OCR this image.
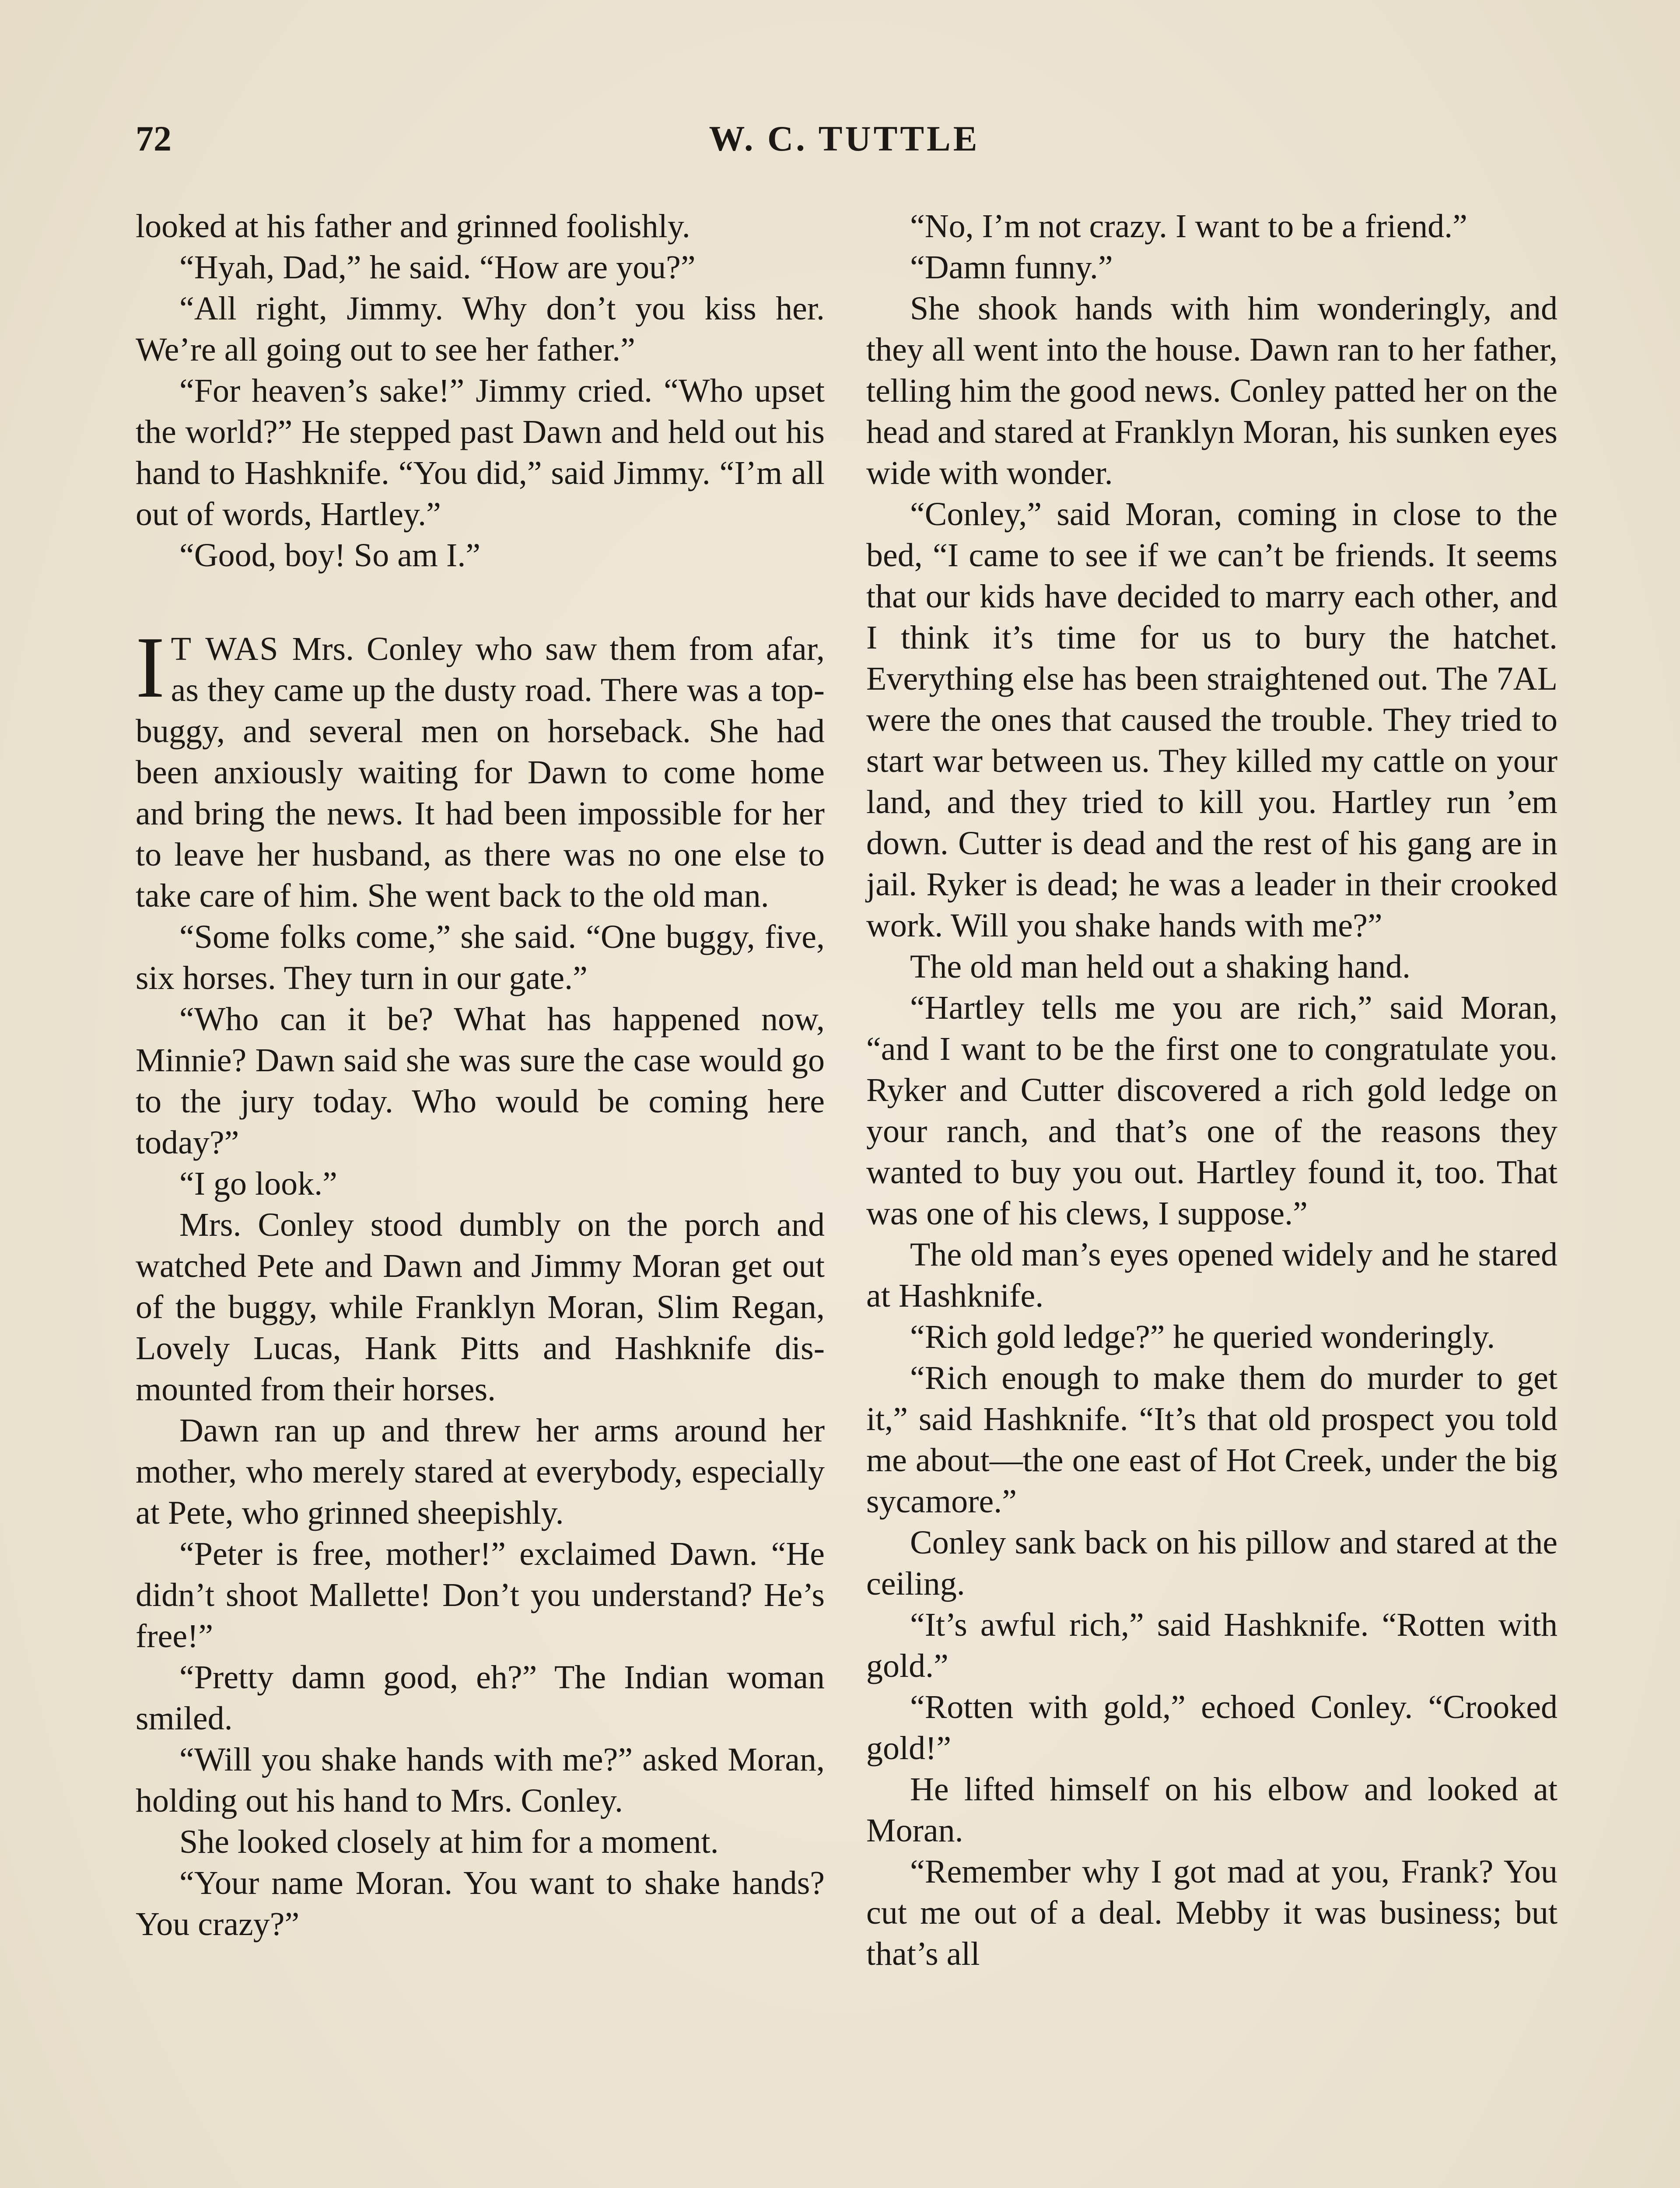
72	W. C. TUTTLE

looked at his father and grinned foolishly.

“Hyah, Dad,” he said. “How are you?”

“All right, Jimmy. Why don’t you kiss her. We’re all going out to see her father.”

“For heaven’s sake!” Jimmy cried. “Who upset the world?” He stepped past Dawn and held out his hand to Hashknife. “You did,” said Jimmy. “I’m all out of words, Hartley.”

“Good, boy! So am I.”

I T WAS Mrs. Conley who saw them from afar, as they came up the dusty road. There was a top-buggy, and several men on horseback. She had been anxiously waiting for Dawn to come home and bring the news. It had been impossible for her to leave her husband, as there was no one else to take care of him. She went back to the old man.

“Some folks come,” she said. “One buggy, five, six horses. They turn in our gate.”

“Who can it be? What has happened now, Minnie? Dawn said she was sure the case would go to the jury today. Who would be coming here today?”

“I go look.”

Mrs. Conley stood dumbly on the porch and watched Pete and Dawn and Jimmy Moran get out of the buggy, while Franklyn Moran, Slim Regan, Lovely Lucas, Hank Pitts and Hashknife dismounted from their horses.

Dawn ran up and threw her arms around her mother, who merely stared at everybody, especially at Pete, who grinned sheepishly.

“Peter is free, mother!” exclaimed Dawn. “He didn’t shoot Mallette! Don’t you understand? He’s free!”

“Pretty damn good, eh?” The Indian woman smiled.

“Will you shake hands with me?” asked Moran, holding out his hand to Mrs. Conley.

She looked closely at him for a moment.

“Your name Moran. You want to shake hands? You crazy?”

“No, I’m not crazy. I want to be a friend.”

“Damn funny.”

She shook hands with him wonderingly, and they all went into the house. Dawn ran to her father, telling him the good news. Conley patted her on the head and stared at Franklyn Moran, his sunken eyes wide with wonder.

“Conley,” said Moran, coming in close to the bed, “I came to see if we can’t be friends. It seems that our kids have decided to marry each other, and I think it’s time for us to bury the hatchet. Everything else has been straightened out. The 7AL were the ones that caused the trouble. They tried to start war between us. They killed my cattle on your land, and they tried to kill you. Hartley run ’em down. Cutter is dead and the rest of his gang are in jail. Ryker is dead; he was a leader in their crooked work. Will you shake hands with me?”

The old man held out a shaking hand.

“Hartley tells me you are rich,” said Moran, “and I want to be the first one to congratulate you. Ryker and Cutter discovered a rich gold ledge on your ranch, and that’s one of the reasons they wanted to buy you out. Hartley found it, too. That was one of his clews, I suppose.”

The old man’s eyes opened widely and he stared at Hashknife.

“Rich gold ledge?” he queried wonderingly.

“Rich enough to make them do murder to get it,” said Hashknife. “It’s that old prospect you told me about—the one east of Hot Creek, under the big sycamore.”

Conley sank back on his pillow and stared at the ceiling.

“It’s awful rich,” said Hashknife. “Rotten with gold.”

“Rotten with gold,” echoed Conley. “Crooked gold!”

He lifted himself on his elbow and looked at Moran.

“Remember why I got mad at you, Frank? You cut me out of a deal. Mebby it was business; but that’s all
